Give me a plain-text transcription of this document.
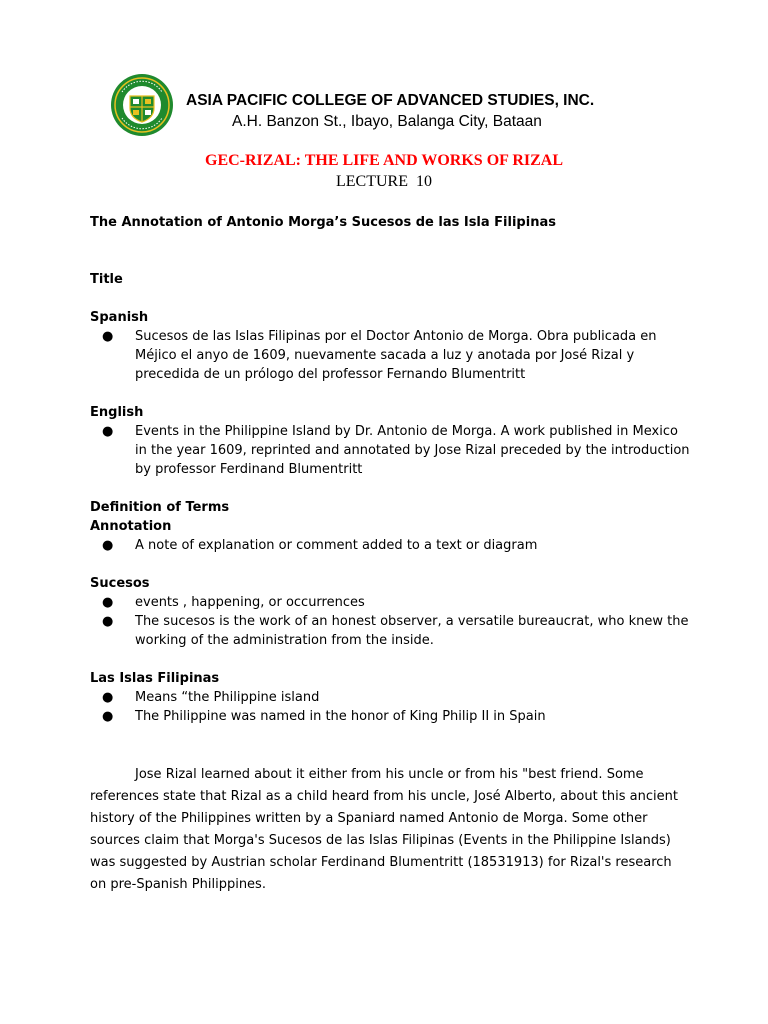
ASIA PACIFIC COLLEGE OF ADVANCED STUDIES, INC.
A.H. Banzon St., Ibayo, Balanga City, Bataan
GEC-RIZAL: THE LIFE AND WORKS OF RIZAL
LECTURE  10

The Annotation of Antonio Morga’s Sucesos de las Isla Filipinas

Title

Spanish

● Sucesos de las Islas Filipinas por el Doctor Antonio de Morga. Obra publicada en Méjico el anyo de 1609, nuevamente sacada a luz y anotada por José Rizal y precedida de un prólogo del professor Fernando Blumentritt

English

● Events in the Philippine Island by Dr. Antonio de Morga. A work published in Mexico in the year 1609, reprinted and annotated by Jose Rizal preceded by the introduction by professor Ferdinand Blumentritt

Definition of Terms

Annotation

● A note of explanation or comment added to a text or diagram

Sucesos

● events , happening, or occurrences
● The sucesos is the work of an honest observer, a versatile bureaucrat, who knew the working of the administration from the inside.

Las Islas Filipinas

● Means “the Philippine island
● The Philippine was named in the honor of King Philip II in Spain

Jose Rizal learned about it either from his uncle or from his "best friend. Some references state that Rizal as a child heard from his uncle, José Alberto, about this ancient history of the Philippines written by a Spaniard named Antonio de Morga. Some other sources claim that Morga's Sucesos de las Islas Filipinas (Events in the Philippine Islands) was suggested by Austrian scholar Ferdinand Blumentritt (18531913) for Rizal's research on pre-Spanish Philippines.
